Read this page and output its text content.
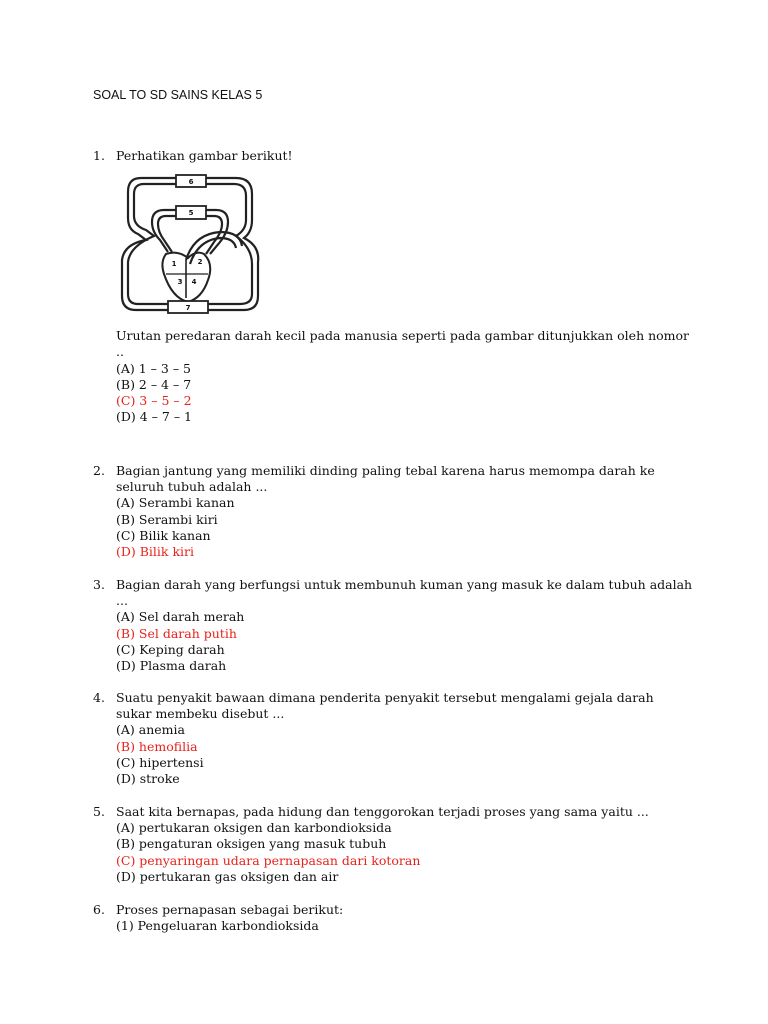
SOAL TO SD SAINS KELAS 5
1. Perhatikan gambar berikut!
6
5
1	2
3 4
7
Urutan peredaran darah kecil pada manusia seperti pada gambar ditunjukkan oleh nomor ..
(A) 1 – 3 – 5
(B) 2 – 4 – 7
(C) 3 – 5 – 2
(D) 4 – 7 – 1
2. Bagian jantung yang memiliki dinding paling tebal karena harus memompa darah ke seluruh tubuh adalah ...
(A) Serambi kanan
(B) Serambi kiri
(C) Bilik kanan
(D) Bilik kiri
3. Bagian darah yang berfungsi untuk membunuh kuman yang masuk ke dalam tubuh adalah ...
(A) Sel darah merah
(B) Sel darah putih
(C) Keping darah
(D) Plasma darah
4. Suatu penyakit bawaan dimana penderita penyakit tersebut mengalami gejala darah sukar membeku disebut ...
(A) anemia
(B) hemofilia
(C) hipertensi
(D) stroke
5. Saat kita bernapas, pada hidung dan tenggorokan terjadi proses yang sama yaitu ...
(A) pertukaran oksigen dan karbondioksida
(B) pengaturan oksigen yang masuk tubuh
(C) penyaringan udara pernapasan dari kotoran
(D) pertukaran gas oksigen dan air
6. Proses pernapasan sebagai berikut:
(1) Pengeluaran karbondioksida
